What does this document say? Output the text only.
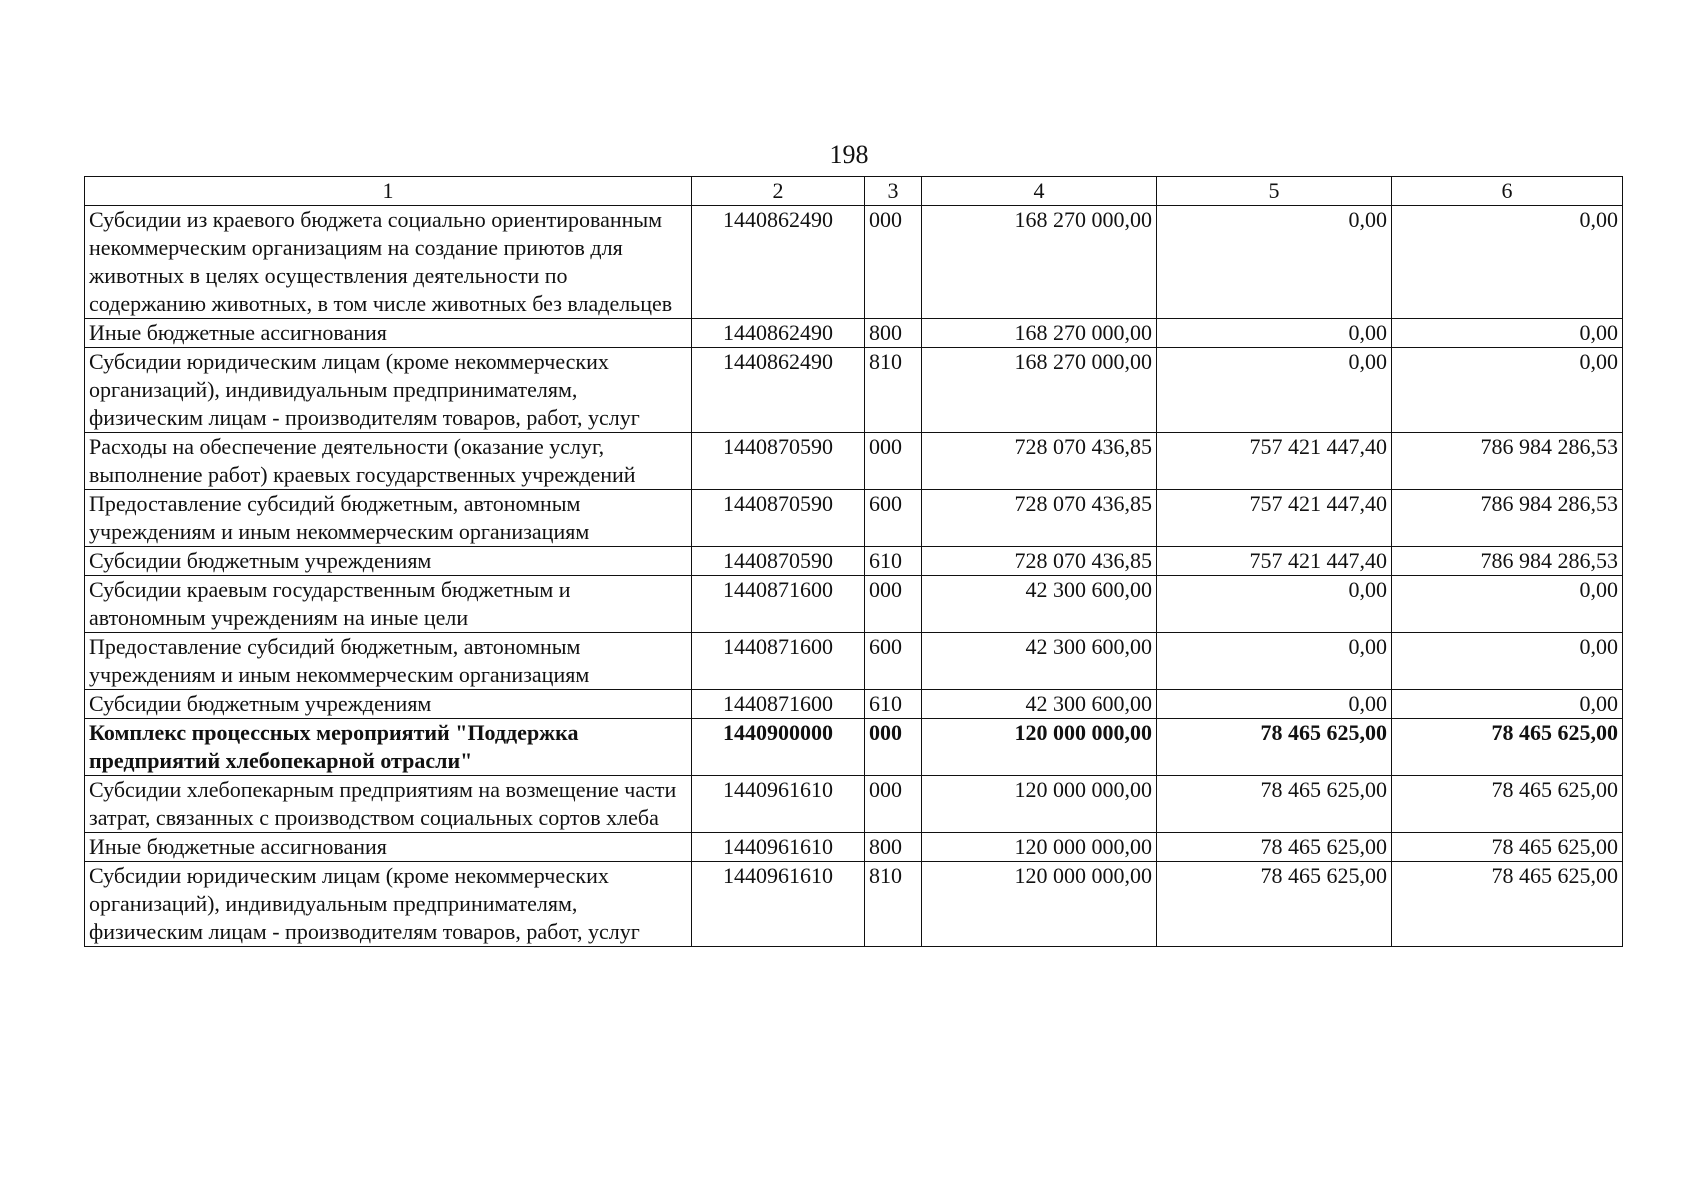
198
1	2	3	4	5	6
Субсидии из краевого бюджета социально ориентированным некоммерческим организациям на создание приютов для животных в целях осуществления деятельности по содержанию животных, в том числе животных без владельцев	1440862490	000	168 270 000,00	0,00	0,00
Иные бюджетные ассигнования	1440862490	800	168 270 000,00	0,00	0,00
Субсидии юридическим лицам (кроме некоммерческих организаций), индивидуальным предпринимателям, физическим лицам - производителям товаров, работ, услуг	1440862490	810	168 270 000,00	0,00	0,00
Расходы на обеспечение деятельности (оказание услуг, выполнение работ) краевых государственных учреждений	1440870590	000	728 070 436,85	757 421 447,40	786 984 286,53
Предоставление субсидий бюджетным, автономным учреждениям и иным некоммерческим организациям	1440870590	600	728 070 436,85	757 421 447,40	786 984 286,53
Субсидии бюджетным учреждениям	1440870590	610	728 070 436,85	757 421 447,40	786 984 286,53
Субсидии краевым государственным бюджетным и автономным учреждениям на иные цели	1440871600	000	42 300 600,00	0,00	0,00
Предоставление субсидий бюджетным, автономным учреждениям и иным некоммерческим организациям	1440871600	600	42 300 600,00	0,00	0,00
Субсидии бюджетным учреждениям	1440871600	610	42 300 600,00	0,00	0,00
Комплекс процессных мероприятий "Поддержка предприятий хлебопекарной отрасли"	1440900000	000	120 000 000,00	78 465 625,00	78 465 625,00
Субсидии хлебопекарным предприятиям на возмещение части затрат, связанных с производством социальных сортов хлеба	1440961610	000	120 000 000,00	78 465 625,00	78 465 625,00
Иные бюджетные ассигнования	1440961610	800	120 000 000,00	78 465 625,00	78 465 625,00
Субсидии юридическим лицам (кроме некоммерческих организаций), индивидуальным предпринимателям, физическим лицам - производителям товаров, работ, услуг	1440961610	810	120 000 000,00	78 465 625,00	78 465 625,00
